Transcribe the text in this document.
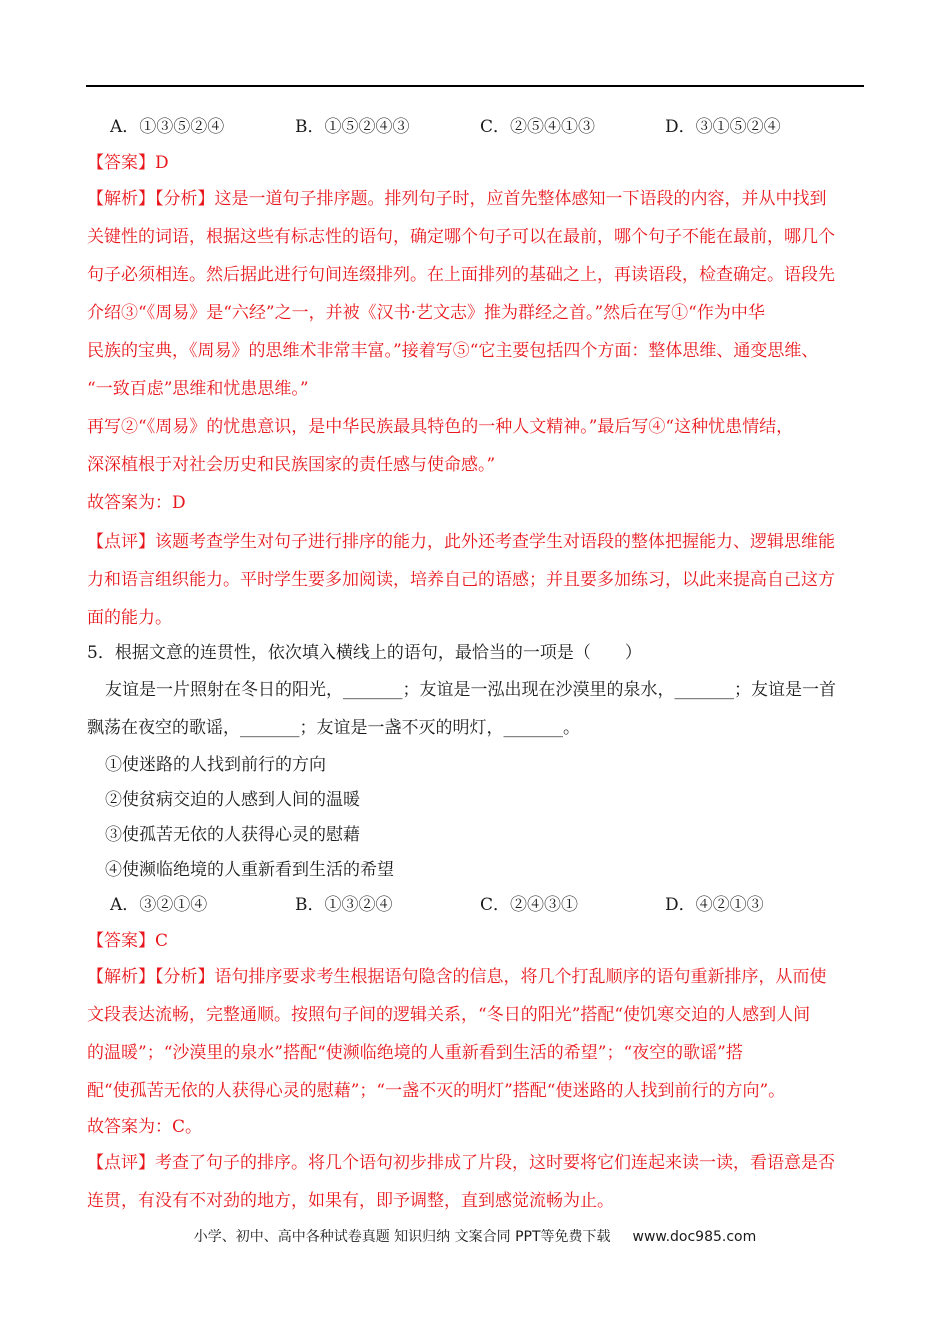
A．①③⑤②④	B．①⑤②④③	C．②⑤④①③	D．③①⑤②④
【答案】D
【解析】【分析】这是一道句子排序题。排列句子时，应首先整体感知一下语段的内容，并从中找到
关键性的词语，根据这些有标志性的语句，确定哪个句子可以在最前，哪个句子不能在最前，哪几个
句子必须相连。然后据此进行句间连缀排列。在上面排列的基础之上，再读语段，检查确定。语段先
介绍③“《周易》是“六经”之一，并被《汉书·艺文志》推为群经之首。”然后在写①“作为中华
民族的宝典，《周易》的思维术非常丰富。”接着写⑤“它主要包括四个方面：整体思维、通变思维、
“一致百虑”思维和忧患思维。”
再写②“《周易》的忧患意识，是中华民族最具特色的一种人文精神。”最后写④“这种忧患情结，
深深植根于对社会历史和民族国家的责任感与使命感。”
故答案为：D
【点评】该题考查学生对句子进行排序的能力，此外还考查学生对语段的整体把握能力、逻辑思维能
力和语言组织能力。平时学生要多加阅读，培养自己的语感；并且要多加练习，以此来提高自己这方
面的能力。
5．根据文意的连贯性，依次填入横线上的语句，最恰当的一项是（　　）
友谊是一片照射在冬日的阳光，_______；友谊是一泓出现在沙漠里的泉水，_______；友谊是一首
飘荡在夜空的歌谣，_______；友谊是一盏不灭的明灯，_______。
①使迷路的人找到前行的方向
②使贫病交迫的人感到人间的温暖
③使孤苦无依的人获得心灵的慰藉
④使濒临绝境的人重新看到生活的希望
A．③②①④	B．①③②④	C．②④③①	D．④②①③
【答案】C
【解析】【分析】语句排序要求考生根据语句隐含的信息，将几个打乱顺序的语句重新排序，从而使
文段表达流畅，完整通顺。按照句子间的逻辑关系，“冬日的阳光”搭配“使饥寒交迫的人感到人间
的温暖”；“沙漠里的泉水”搭配“使濒临绝境的人重新看到生活的希望”；“夜空的歌谣”搭
配“使孤苦无依的人获得心灵的慰藉”；“一盏不灭的明灯”搭配“使迷路的人找到前行的方向”。
故答案为：C。
【点评】考查了句子的排序。将几个语句初步排成了片段，这时要将它们连起来读一读，看语意是否
连贯，有没有不对劲的地方，如果有，即予调整，直到感觉流畅为止。
小学、初中、高中各种试卷真题 知识归纳 文案合同 PPT等免费下载 www.doc985.com
